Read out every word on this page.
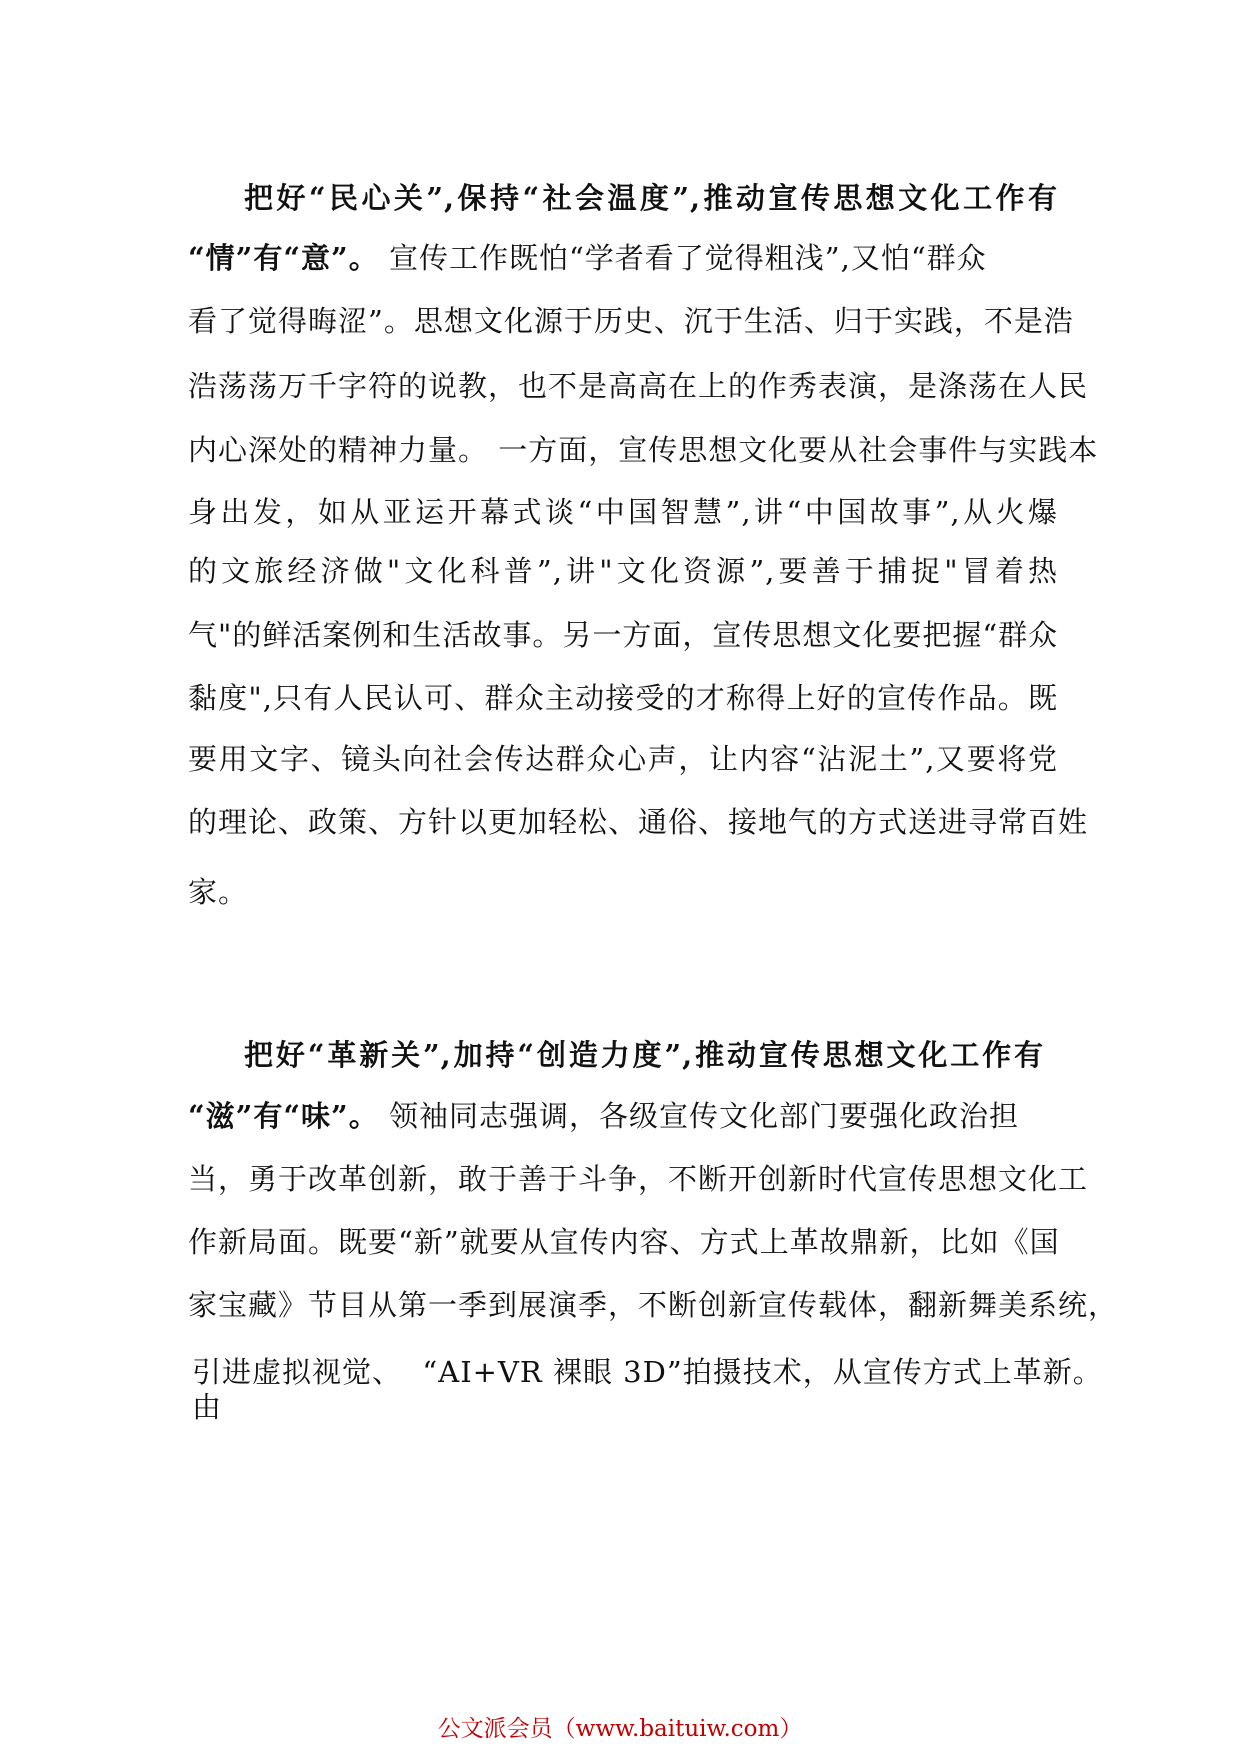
把好“民心关”,保持“社会温度”,推动宣传思想文化工作有
“情”有“意”。 宣传工作既怕“学者看了觉得粗浅”,又怕“群众
看了觉得晦涩”。思想文化源于历史、沉于生活、归于实践，不是浩
浩荡荡万千字符的说教，也不是高高在上的作秀表演，是涤荡在人民
内心深处的精神力量。 一方面，宣传思想文化要从社会事件与实践本
身出发，如从亚运开幕式谈“中国智慧”,讲“中国故事”,从火爆
的文旅经济做"文化科普”,讲"文化资源”,要善于捕捉"冒着热
气"的鲜活案例和生活故事。另一方面，宣传思想文化要把握“群众
黏度",只有人民认可、群众主动接受的才称得上好的宣传作品。既
要用文字、镜头向社会传达群众心声，让内容“沾泥土”,又要将党
的理论、政策、方针以更加轻松、通俗、接地气的方式送进寻常百姓
家。
把好“革新关”,加持“创造力度”,推动宣传思想文化工作有
“滋”有“味”。 领袖同志强调，各级宣传文化部门要强化政治担
当，勇于改革创新，敢于善于斗争，不断开创新时代宣传思想文化工
作新局面。既要“新”就要从宣传内容、方式上革故鼎新，比如《国
家宝藏》节目从第一季到展演季，不断创新宣传载体，翻新舞美系统，
引进虚拟视觉、  “AI+VR 裸眼 3D”拍摄技术，从宣传方式上革新。
由
公文派会员（www.baituiw.com）
